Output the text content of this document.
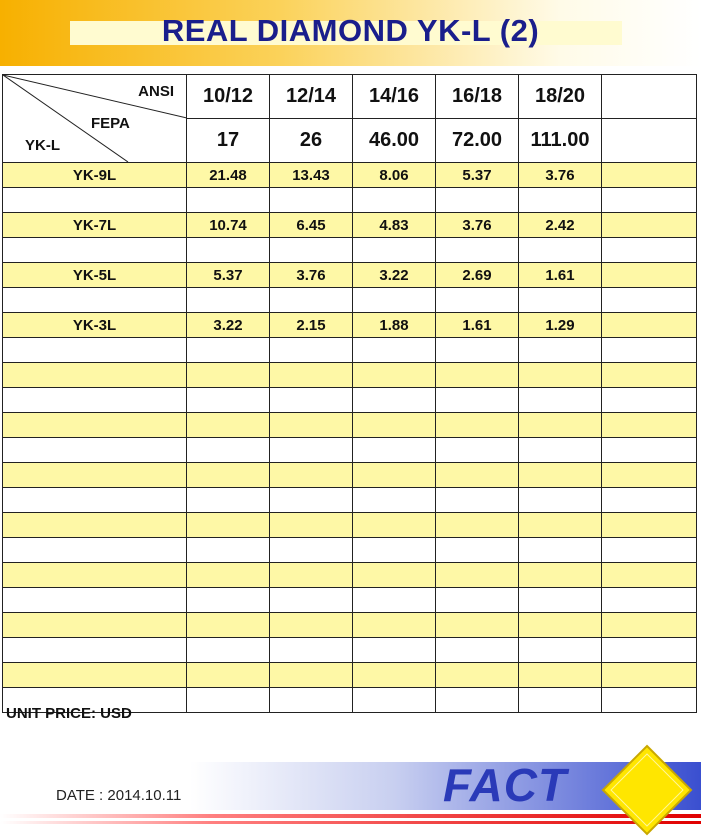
REAL DIAMOND YK-L (2)
ANSI
FEPA
YK-L	10/12	12/14	14/16	16/18	18/20	
	17	26	46.00	72.00	111.00	
YK-9L	21.48	13.43	8.06	5.37	3.76	

YK-7L	10.74	6.45	4.83	3.76	2.42	

YK-5L	5.37	3.76	3.22	2.69	1.61	

YK-3L	3.22	2.15	1.88	1.61	1.29	

UNIT PRICE: USD
DATE : 2014.10.11	FACT
